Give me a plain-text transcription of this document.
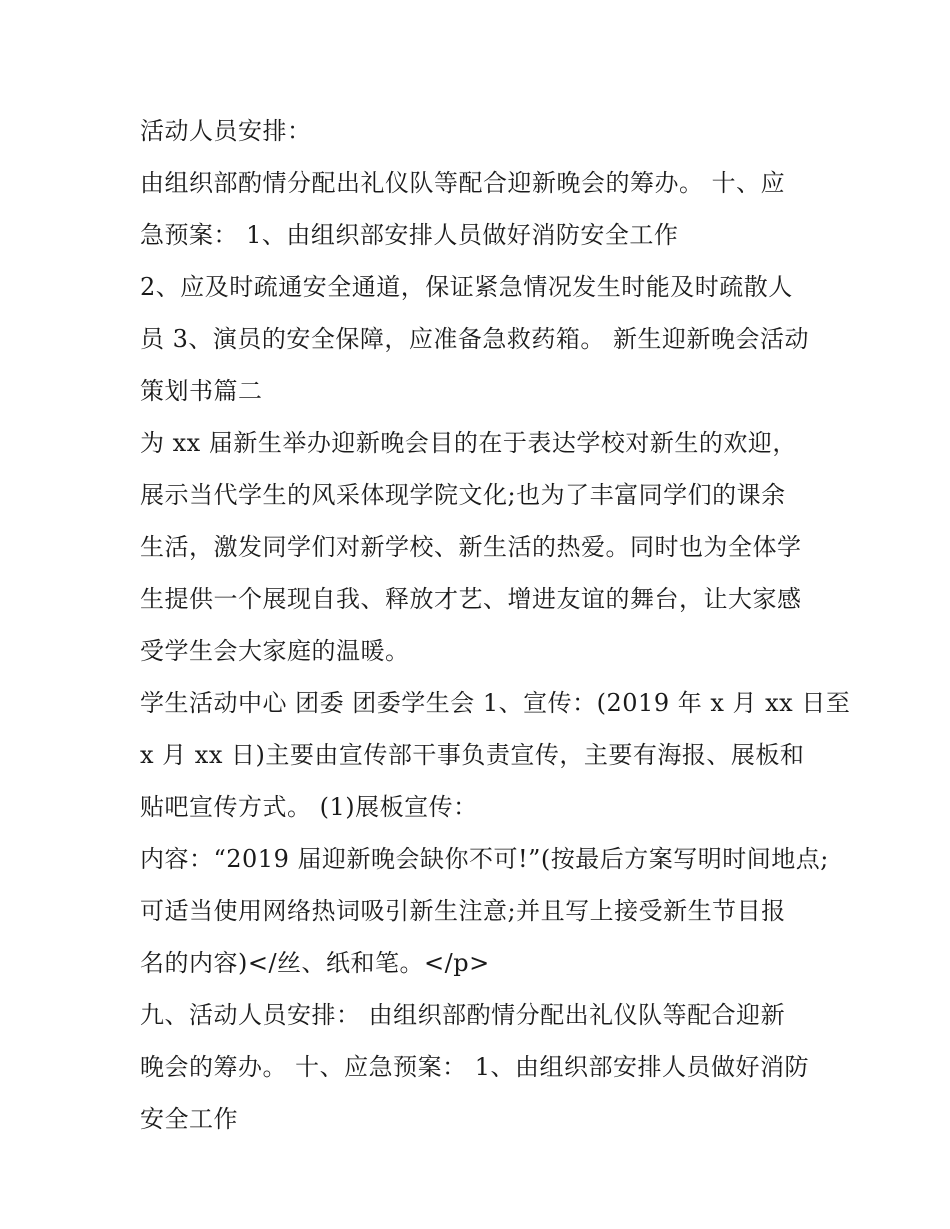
活动人员安排：
由组织部酌情分配出礼仪队等配合迎新晚会的筹办。 十、应
急预案： 1、由组织部安排人员做好消防安全工作
2、应及时疏通安全通道，保证紧急情况发生时能及时疏散人
员 3、演员的安全保障，应准备急救药箱。 新生迎新晚会活动
策划书篇二
为 xx 届新生举办迎新晚会目的在于表达学校对新生的欢迎，
展示当代学生的风采体现学院文化;也为了丰富同学们的课余
生活，激发同学们对新学校、新生活的热爱。同时也为全体学
生提供一个展现自我、释放才艺、增进友谊的舞台，让大家感
受学生会大家庭的温暖。
学生活动中心 团委 团委学生会 1、宣传：(2019 年 x 月 xx 日至
x 月 xx 日)主要由宣传部干事负责宣传，主要有海报、展板和
贴吧宣传方式。 (1)展板宣传：
内容：“2019 届迎新晚会缺你不可!”(按最后方案写明时间地点;
可适当使用网络热词吸引新生注意;并且写上接受新生节目报
名的内容)</丝、纸和笔。</p>
九、活动人员安排： 由组织部酌情分配出礼仪队等配合迎新
晚会的筹办。 十、应急预案： 1、由组织部安排人员做好消防
安全工作
